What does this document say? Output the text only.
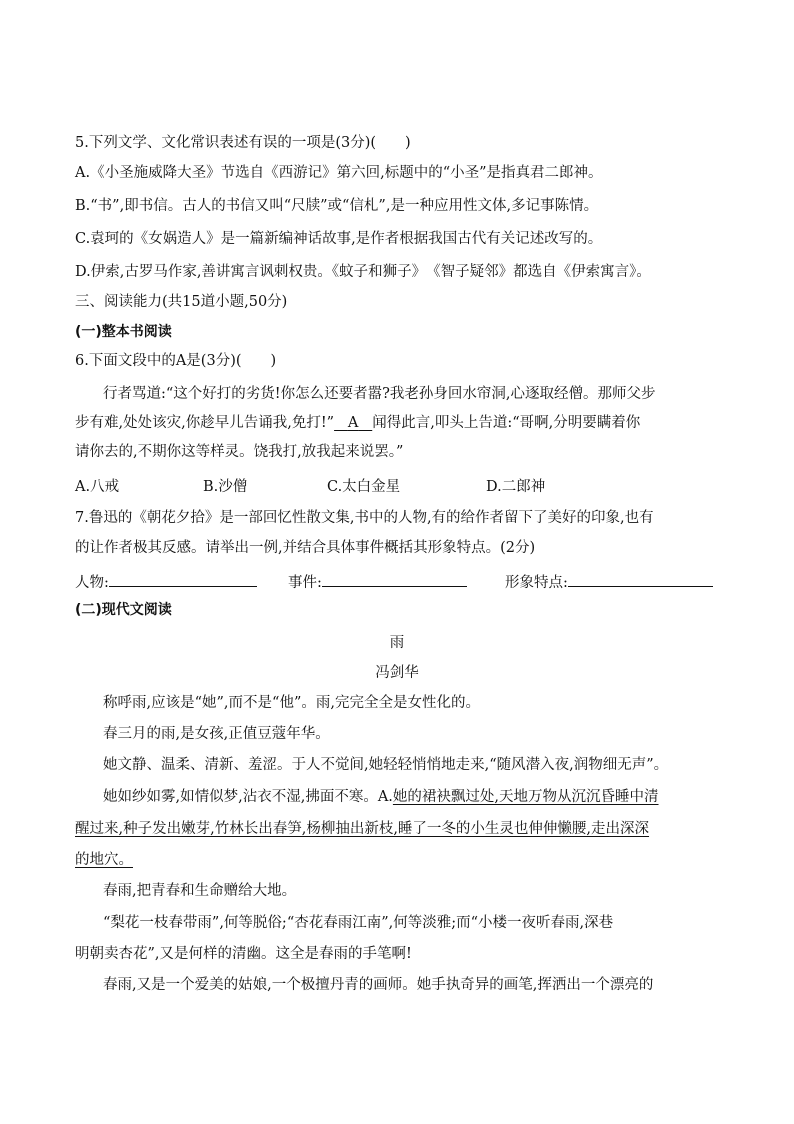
5.下列文学、文化常识表述有误的一项是(3分)(　　)
A.《小圣施威降大圣》节选自《西游记》第六回,标题中的“小圣”是指真君二郎神。
B.“书”,即书信。古人的书信又叫“尺牍”或“信札”,是一种应用性文体,多记事陈情。
C.袁珂的《女娲造人》是一篇新编神话故事,是作者根据我国古代有关记述改写的。
D.伊索,古罗马作家,善讲寓言讽刺权贵。《蚊子和狮子》　《智子疑邻》都选自《伊索寓言》。
三、阅读能力(共15道小题,50分)
(一)整本书阅读
6.下面文段中的A是(3分)(　　)
行者骂道:“这个好打的劣货!你怎么还要者嚣?我老孙身回水帘洞,心逐取经僧。那师父步
步有难,处处该灾,你趁早儿告诵我,免打!” A 闻得此言,叩头上告道:“哥啊,分明要瞒着你
请你去的,不期你这等样灵。饶我打,放我起来说罢。”
A.八戒	B.沙僧	C.太白金星	D.二郎神
7.鲁迅的《朝花夕拾》是一部回忆性散文集,书中的人物,有的给作者留下了美好的印象,也有
的让作者极其反感。请举出一例,并结合具体事件概括其形象特点。(2分)
人物:	事件:	形象特点:
(二)现代文阅读
雨
冯剑华
称呼雨,应该是“她”,而不是“他”。雨,完完全全是女性化的。
春三月的雨,是女孩,正值豆蔻年华。
她文静、温柔、清新、羞涩。于人不觉间,她轻轻悄悄地走来,“随风潜入夜,润物细无声”。
她如纱如雾,如情似梦,沾衣不湿,拂面不寒。A.她的裙袂飘过处,天地万物从沉沉昏睡中清
醒过来,种子发出嫩芽,竹林长出春笋,杨柳抽出新枝,睡了一冬的小生灵也伸伸懒腰,走出深深
的地穴。
春雨,把青春和生命赠给大地。
“梨花一枝春带雨”,何等脱俗;“杏花春雨江南”,何等淡雅;而“小楼一夜听春雨,深巷
明朝卖杏花”,又是何样的清幽。这全是春雨的手笔啊!
春雨,又是一个爱美的姑娘,一个极擅丹青的画师。她手执奇异的画笔,挥洒出一个漂亮的
